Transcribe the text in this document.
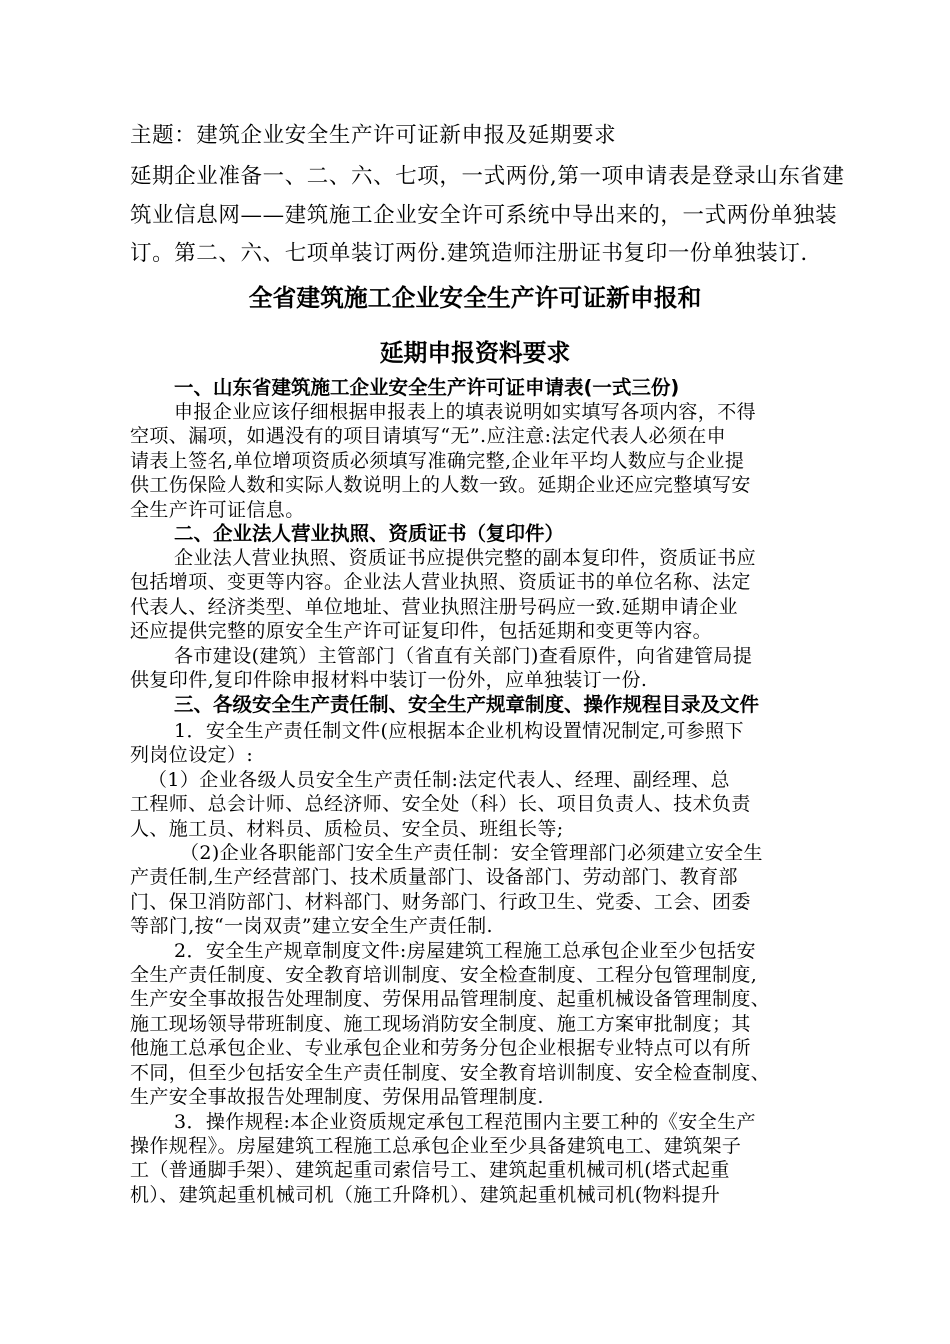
主题：建筑企业安全生产许可证新申报及延期要求

延期企业准备一、二、六、七项，一式两份,第一项申请表是登录山东省建

筑业信息网——建筑施工企业安全许可系统中导出来的，一式两份单独装

订。第二、六、七项单装订两份.建筑造师注册证书复印一份单独装订.

全省建筑施工企业安全生产许可证新申报和
延期申报资料要求
一、山东省建筑施工企业安全生产许可证申请表(一式三份)
申报企业应该仔细根据申报表上的填表说明如实填写各项内容，不得
空项、漏项，如遇没有的项目请填写“无”.应注意:法定代表人必须在申
请表上签名,单位增项资质必须填写准确完整,企业年平均人数应与企业提
供工伤保险人数和实际人数说明上的人数一致。延期企业还应完整填写安
全生产许可证信息。
二、企业法人营业执照、资质证书（复印件）
企业法人营业执照、资质证书应提供完整的副本复印件，资质证书应
包括增项、变更等内容。企业法人营业执照、资质证书的单位名称、法定
代表人、经济类型、单位地址、营业执照注册号码应一致.延期申请企业
还应提供完整的原安全生产许可证复印件，包括延期和变更等内容。
各市建设(建筑）主管部门（省直有关部门)查看原件，向省建管局提
供复印件,复印件除申报材料中装订一份外，应单独装订一份.
三、各级安全生产责任制、安全生产规章制度、操作规程目录及文件
1．安全生产责任制文件(应根据本企业机构设置情况制定,可参照下
列岗位设定）:
（1）企业各级人员安全生产责任制:法定代表人、经理、副经理、总
工程师、总会计师、总经济师、安全处（科）长、项目负责人、技术负责
人、施工员、材料员、质检员、安全员、班组长等;
（2)企业各职能部门安全生产责任制：安全管理部门必须建立安全生
产责任制,生产经营部门、技术质量部门、设备部门、劳动部门、教育部
门、保卫消防部门、材料部门、财务部门、行政卫生、党委、工会、团委
等部门,按“一岗双责”建立安全生产责任制.
2．安全生产规章制度文件:房屋建筑工程施工总承包企业至少包括安
全生产责任制度、安全教育培训制度、安全检查制度、工程分包管理制度,
生产安全事故报告处理制度、劳保用品管理制度、起重机械设备管理制度、
施工现场领导带班制度、施工现场消防安全制度、施工方案审批制度；其
他施工总承包企业、专业承包企业和劳务分包企业根据专业特点可以有所
不同，但至少包括安全生产责任制度、安全教育培训制度、安全检查制度、
生产安全事故报告处理制度、劳保用品管理制度.
3．操作规程:本企业资质规定承包工程范围内主要工种的《安全生产
操作规程》。房屋建筑工程施工总承包企业至少具备建筑电工、建筑架子
工（普通脚手架）、建筑起重司索信号工、建筑起重机械司机(塔式起重
机）、建筑起重机械司机（施工升降机）、建筑起重机械司机(物料提升
